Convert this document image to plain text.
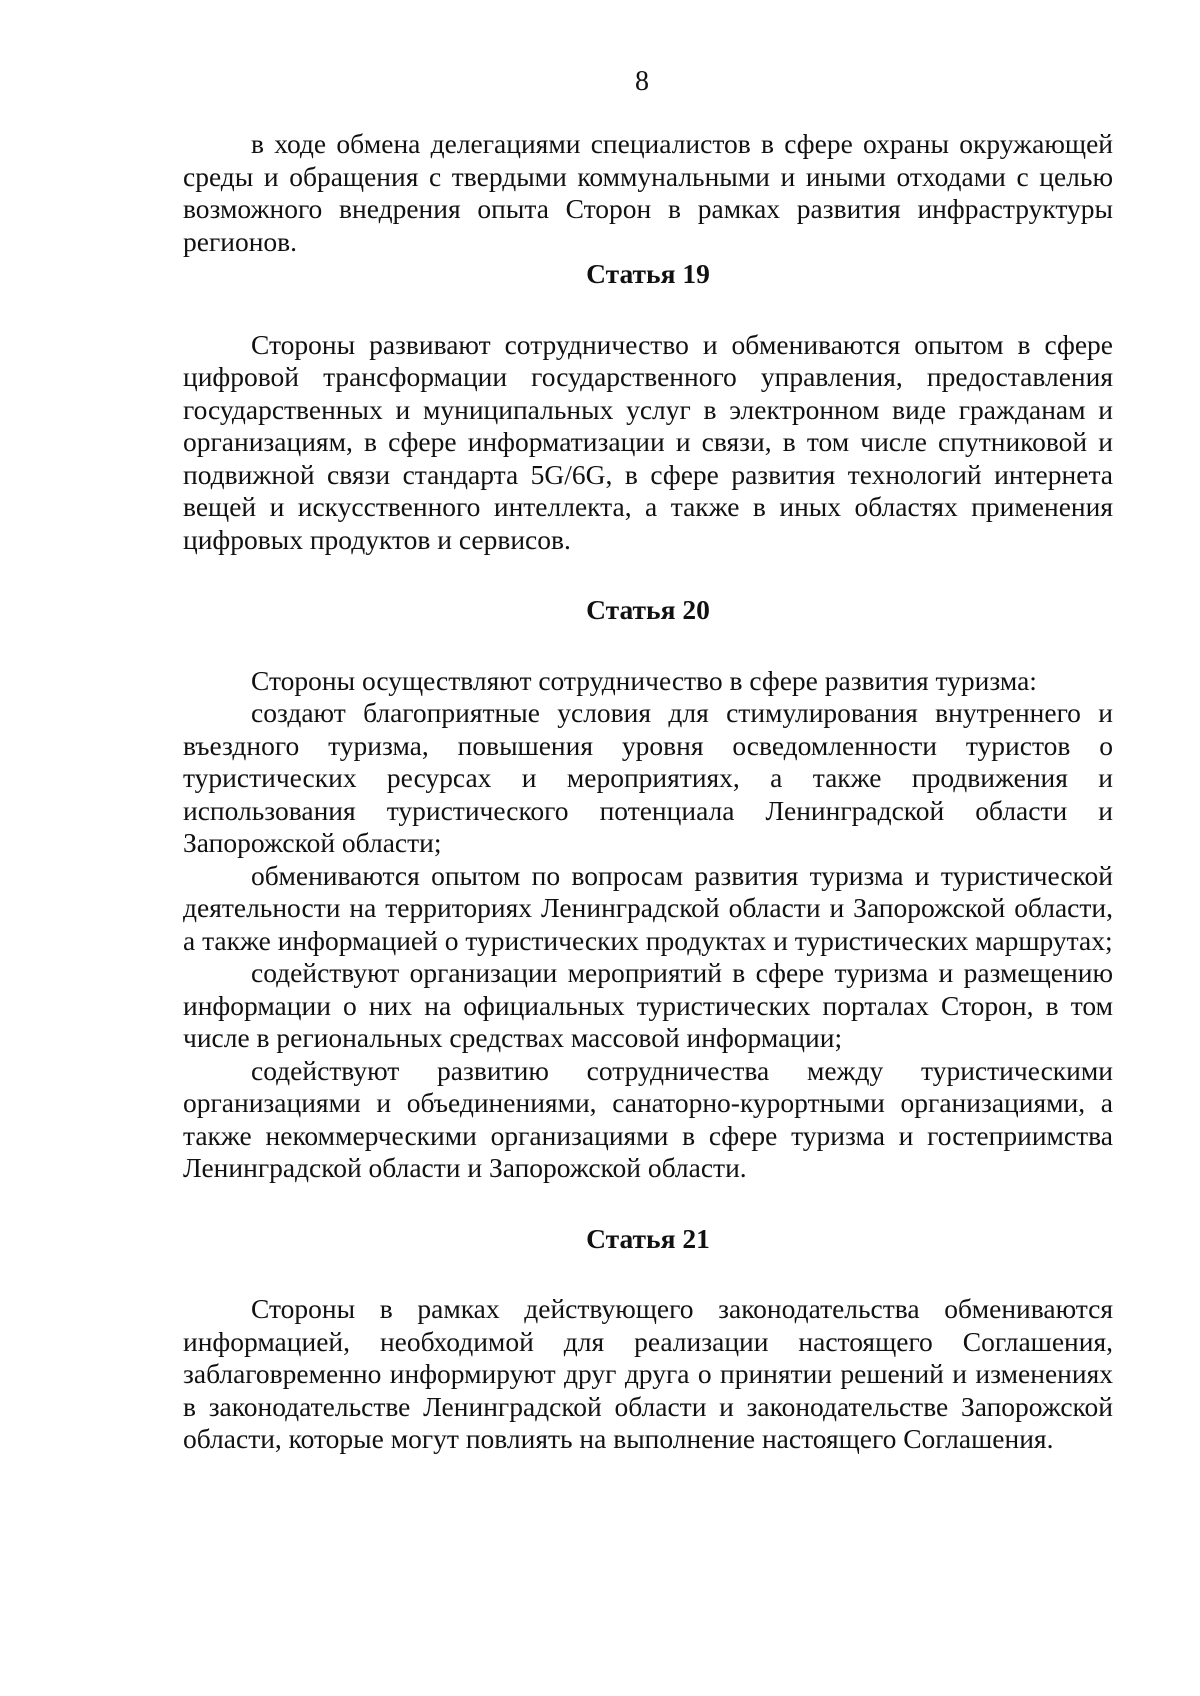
8

в ходе обмена делегациями специалистов в сфере охраны окружающей среды и обращения с твердыми коммунальными и иными отходами с целью возможного внедрения опыта Сторон в рамках развития инфраструктуры регионов.

Статья 19

Стороны развивают сотрудничество и обмениваются опытом в сфере цифровой трансформации государственного управления, предоставления государственных и муниципальных услуг в электронном виде гражданам и организациям, в сфере информатизации и связи, в том числе спутниковой и подвижной связи стандарта 5G/6G, в сфере развития технологий интернета вещей и искусственного интеллекта, а также в иных областях применения цифровых продуктов и сервисов.

Статья 20

Стороны осуществляют сотрудничество в сфере развития туризма:

создают благоприятные условия для стимулирования внутреннего и въездного туризма, повышения уровня осведомленности туристов о туристических ресурсах и мероприятиях, а также продвижения и использования туристического потенциала Ленинградской области и Запорожской области;

обмениваются опытом по вопросам развития туризма и туристической деятельности на территориях Ленинградской области и Запорожской области, а также информацией о туристических продуктах и туристических маршрутах;

содействуют организации мероприятий в сфере туризма и размещению информации о них на официальных туристических порталах Сторон, в том числе в региональных средствах массовой информации;

содействуют развитию сотрудничества между туристическими организациями и объединениями, санаторно-курортными организациями, а также некоммерческими организациями в сфере туризма и гостеприимства Ленинградской области и Запорожской области.

Статья 21

Стороны в рамках действующего законодательства обмениваются информацией, необходимой для реализации настоящего Соглашения, заблаговременно информируют друг друга о принятии решений и изменениях в законодательстве Ленинградской области и законодательстве Запорожской области, которые могут повлиять на выполнение настоящего Соглашения.
